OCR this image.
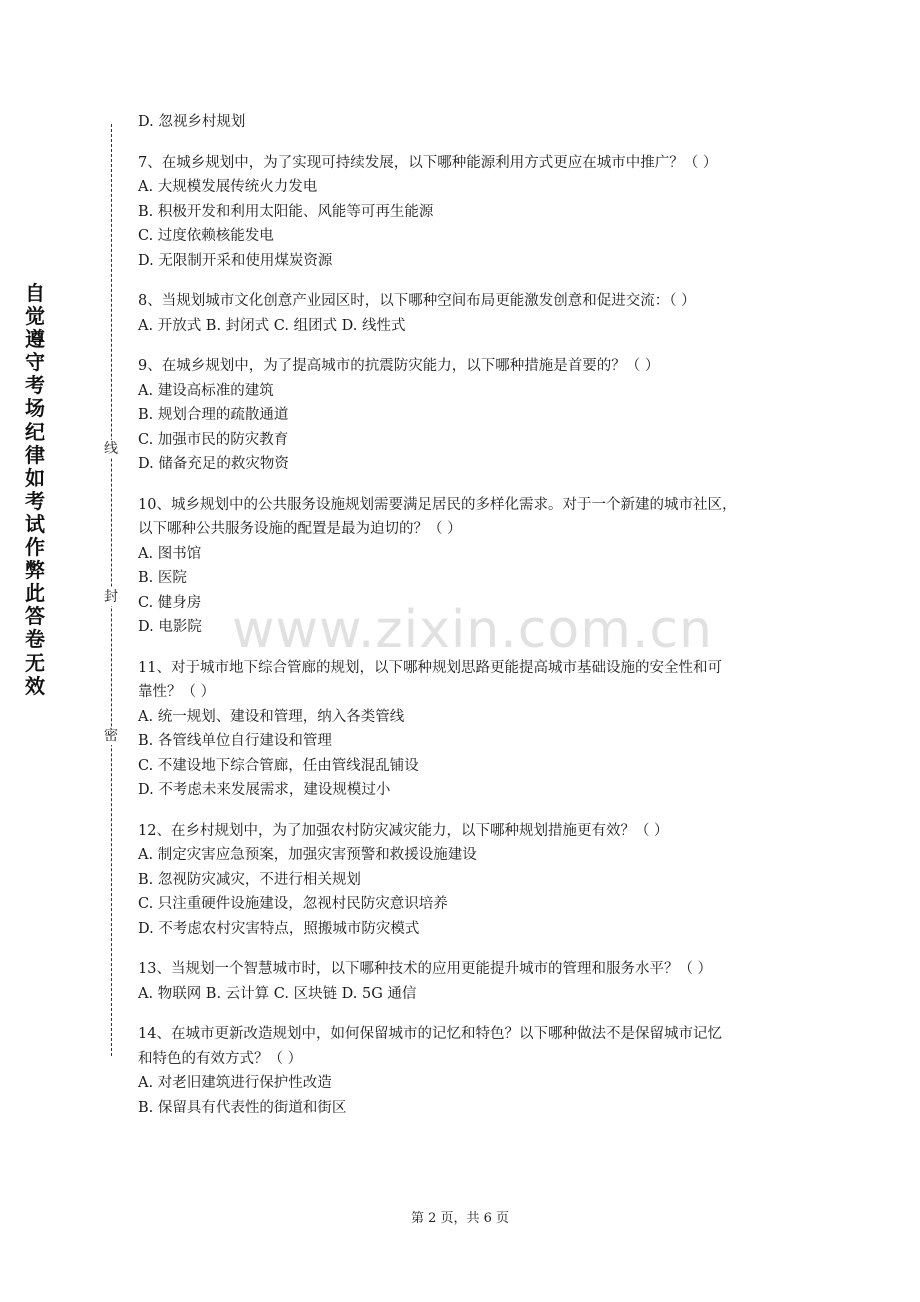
自
觉
遵
守
考
场
纪
律
如
考
试
作
弊
此
答
卷
无
效
线
封
密
www.zixin.com.cn
D. 忽视乡村规划
7、在城乡规划中，为了实现可持续发展，以下哪种能源利用方式更应在城市中推广？（ ）
A. 大规模发展传统火力发电
B. 积极开发和利用太阳能、风能等可再生能源
C. 过度依赖核能发电
D. 无限制开采和使用煤炭资源
8、当规划城市文化创意产业园区时，以下哪种空间布局更能激发创意和促进交流：（ ）
A. 开放式 B. 封闭式 C. 组团式 D. 线性式
9、在城乡规划中，为了提高城市的抗震防灾能力，以下哪种措施是首要的？（ ）
A. 建设高标准的建筑
B. 规划合理的疏散通道
C. 加强市民的防灾教育
D. 储备充足的救灾物资
10、城乡规划中的公共服务设施规划需要满足居民的多样化需求。对于一个新建的城市社区，
以下哪种公共服务设施的配置是最为迫切的？（ ）
A. 图书馆
B. 医院
C. 健身房
D. 电影院
11、对于城市地下综合管廊的规划，以下哪种规划思路更能提高城市基础设施的安全性和可
靠性？（ ）
A. 统一规划、建设和管理，纳入各类管线
B. 各管线单位自行建设和管理
C. 不建设地下综合管廊，任由管线混乱铺设
D. 不考虑未来发展需求，建设规模过小
12、在乡村规划中，为了加强农村防灾减灾能力，以下哪种规划措施更有效？（ ）
A. 制定灾害应急预案，加强灾害预警和救援设施建设
B. 忽视防灾减灾，不进行相关规划
C. 只注重硬件设施建设，忽视村民防灾意识培养
D. 不考虑农村灾害特点，照搬城市防灾模式
13、当规划一个智慧城市时，以下哪种技术的应用更能提升城市的管理和服务水平？（ ）
A. 物联网 B. 云计算 C. 区块链 D. 5G 通信
14、在城市更新改造规划中，如何保留城市的记忆和特色？以下哪种做法不是保留城市记忆
和特色的有效方式？（ ）
A. 对老旧建筑进行保护性改造
B. 保留具有代表性的街道和街区
第 2 页，共 6 页
